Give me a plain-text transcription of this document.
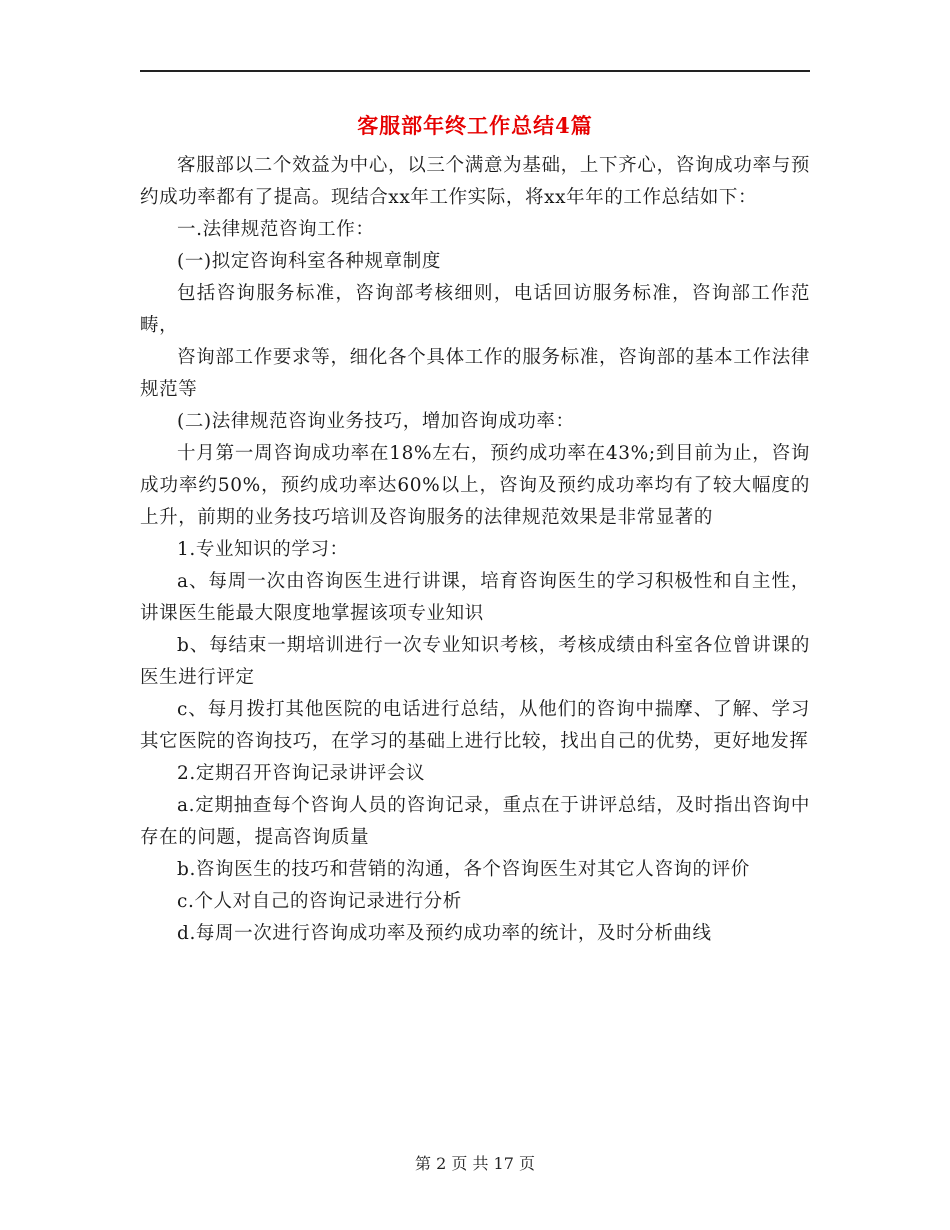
客服部年终工作总结4篇

客服部以二个效益为中心，以三个满意为基础，上下齐心，咨询成功率与预约成功率都有了提高。现结合xx年工作实际，将xx年年的工作总结如下：

一.法律规范咨询工作：

(一)拟定咨询科室各种规章制度

包括咨询服务标准，咨询部考核细则，电话回访服务标准，咨询部工作范畴，

咨询部工作要求等，细化各个具体工作的服务标准，咨询部的基本工作法律规范等

(二)法律规范咨询业务技巧，增加咨询成功率：

十月第一周咨询成功率在18%左右，预约成功率在43%;到目前为止，咨询成功率约50%，预约成功率达60%以上，咨询及预约成功率均有了较大幅度的上升，前期的业务技巧培训及咨询服务的法律规范效果是非常显著的

1.专业知识的学习：

a、每周一次由咨询医生进行讲课，培育咨询医生的学习积极性和自主性，讲课医生能最大限度地掌握该项专业知识

b、每结束一期培训进行一次专业知识考核，考核成绩由科室各位曾讲课的医生进行评定

c、每月拨打其他医院的电话进行总结，从他们的咨询中揣摩、了解、学习其它医院的咨询技巧，在学习的基础上进行比较，找出自己的优势，更好地发挥

2.定期召开咨询记录讲评会议

a.定期抽查每个咨询人员的咨询记录，重点在于讲评总结，及时指出咨询中存在的问题，提高咨询质量

b.咨询医生的技巧和营销的沟通，各个咨询医生对其它人咨询的评价

c.个人对自己的咨询记录进行分析

d.每周一次进行咨询成功率及预约成功率的统计，及时分析曲线

第 2 页 共 17 页
